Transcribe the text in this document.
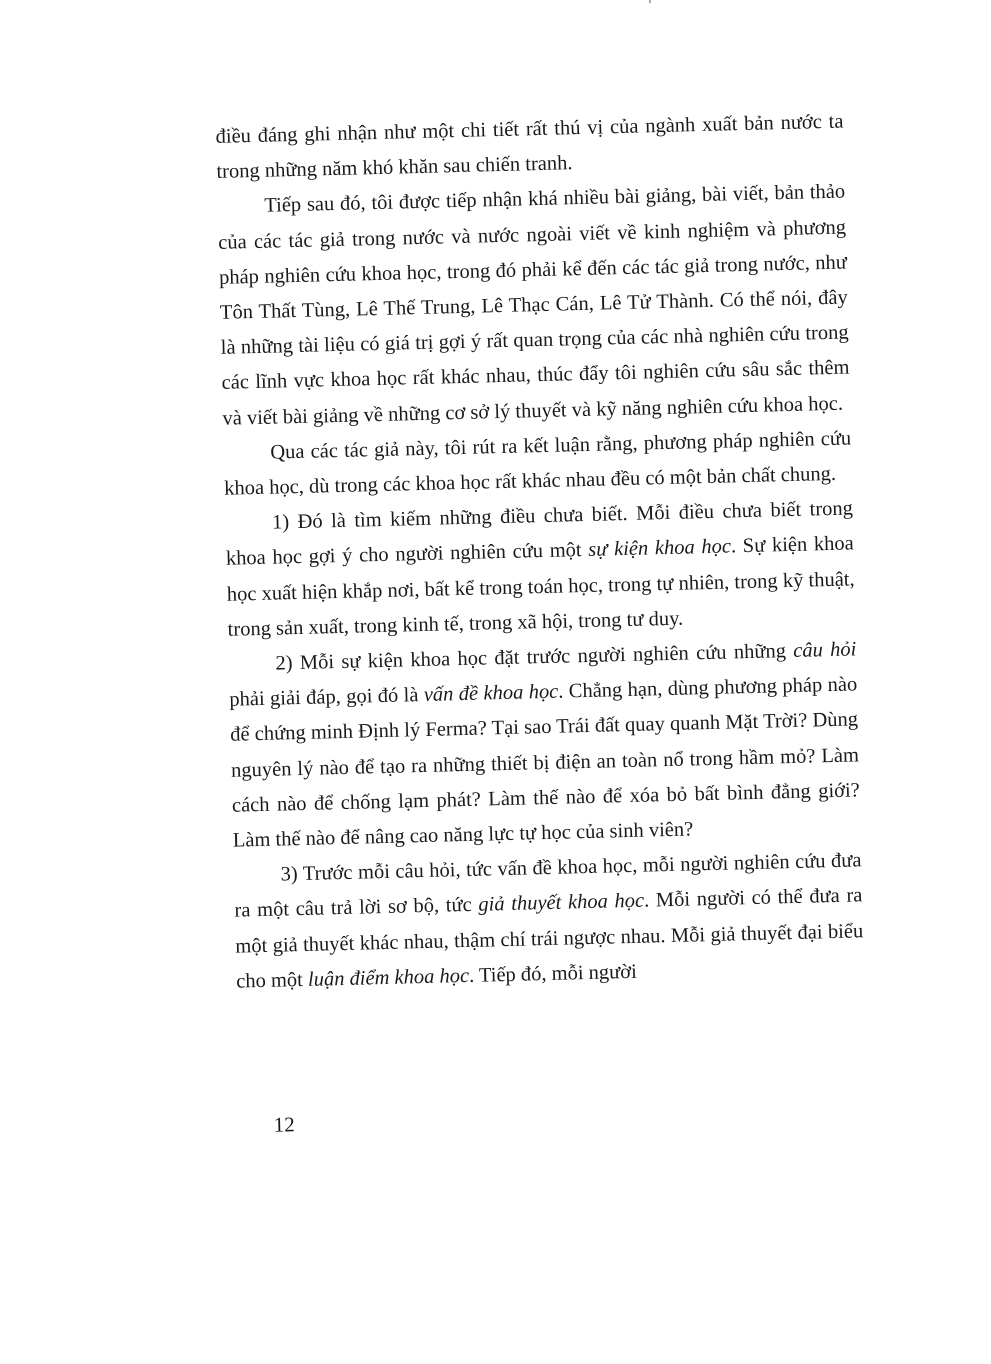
điều đáng ghi nhận như một chi tiết rất thú vị của ngành xuất bản nước ta trong những năm khó khăn sau chiến tranh.

Tiếp sau đó, tôi được tiếp nhận khá nhiều bài giảng, bài viết, bản thảo của các tác giả trong nước và nước ngoài viết về kinh nghiệm và phương pháp nghiên cứu khoa học, trong đó phải kể đến các tác giả trong nước, như Tôn Thất Tùng, Lê Thế Trung, Lê Thạc Cán, Lê Tử Thành. Có thể nói, đây là những tài liệu có giá trị gợi ý rất quan trọng của các nhà nghiên cứu trong các lĩnh vực khoa học rất khác nhau, thúc đẩy tôi nghiên cứu sâu sắc thêm và viết bài giảng về những cơ sở lý thuyết và kỹ năng nghiên cứu khoa học.

Qua các tác giả này, tôi rút ra kết luận rằng, phương pháp nghiên cứu khoa học, dù trong các khoa học rất khác nhau đều có một bản chất chung.

1) Đó là tìm kiếm những điều chưa biết. Mỗi điều chưa biết trong khoa học gợi ý cho người nghiên cứu một sự kiện khoa học. Sự kiện khoa học xuất hiện khắp nơi, bất kể trong toán học, trong tự nhiên, trong kỹ thuật, trong sản xuất, trong kinh tế, trong xã hội, trong tư duy.

2) Mỗi sự kiện khoa học đặt trước người nghiên cứu những câu hỏi phải giải đáp, gọi đó là vấn đề khoa học. Chẳng hạn, dùng phương pháp nào để chứng minh Định lý Ferma? Tại sao Trái đất quay quanh Mặt Trời? Dùng nguyên lý nào để tạo ra những thiết bị điện an toàn nổ trong hầm mỏ? Làm cách nào để chống lạm phát? Làm thế nào để xóa bỏ bất bình đẳng giới? Làm thế nào để nâng cao năng lực tự học của sinh viên?

3) Trước mỗi câu hỏi, tức vấn đề khoa học, mỗi người nghiên cứu đưa ra một câu trả lời sơ bộ, tức giả thuyết khoa học. Mỗi người có thể đưa ra một giả thuyết khác nhau, thậm chí trái ngược nhau. Mỗi giả thuyết đại biểu cho một luận điểm khoa học. Tiếp đó, mỗi người

12
